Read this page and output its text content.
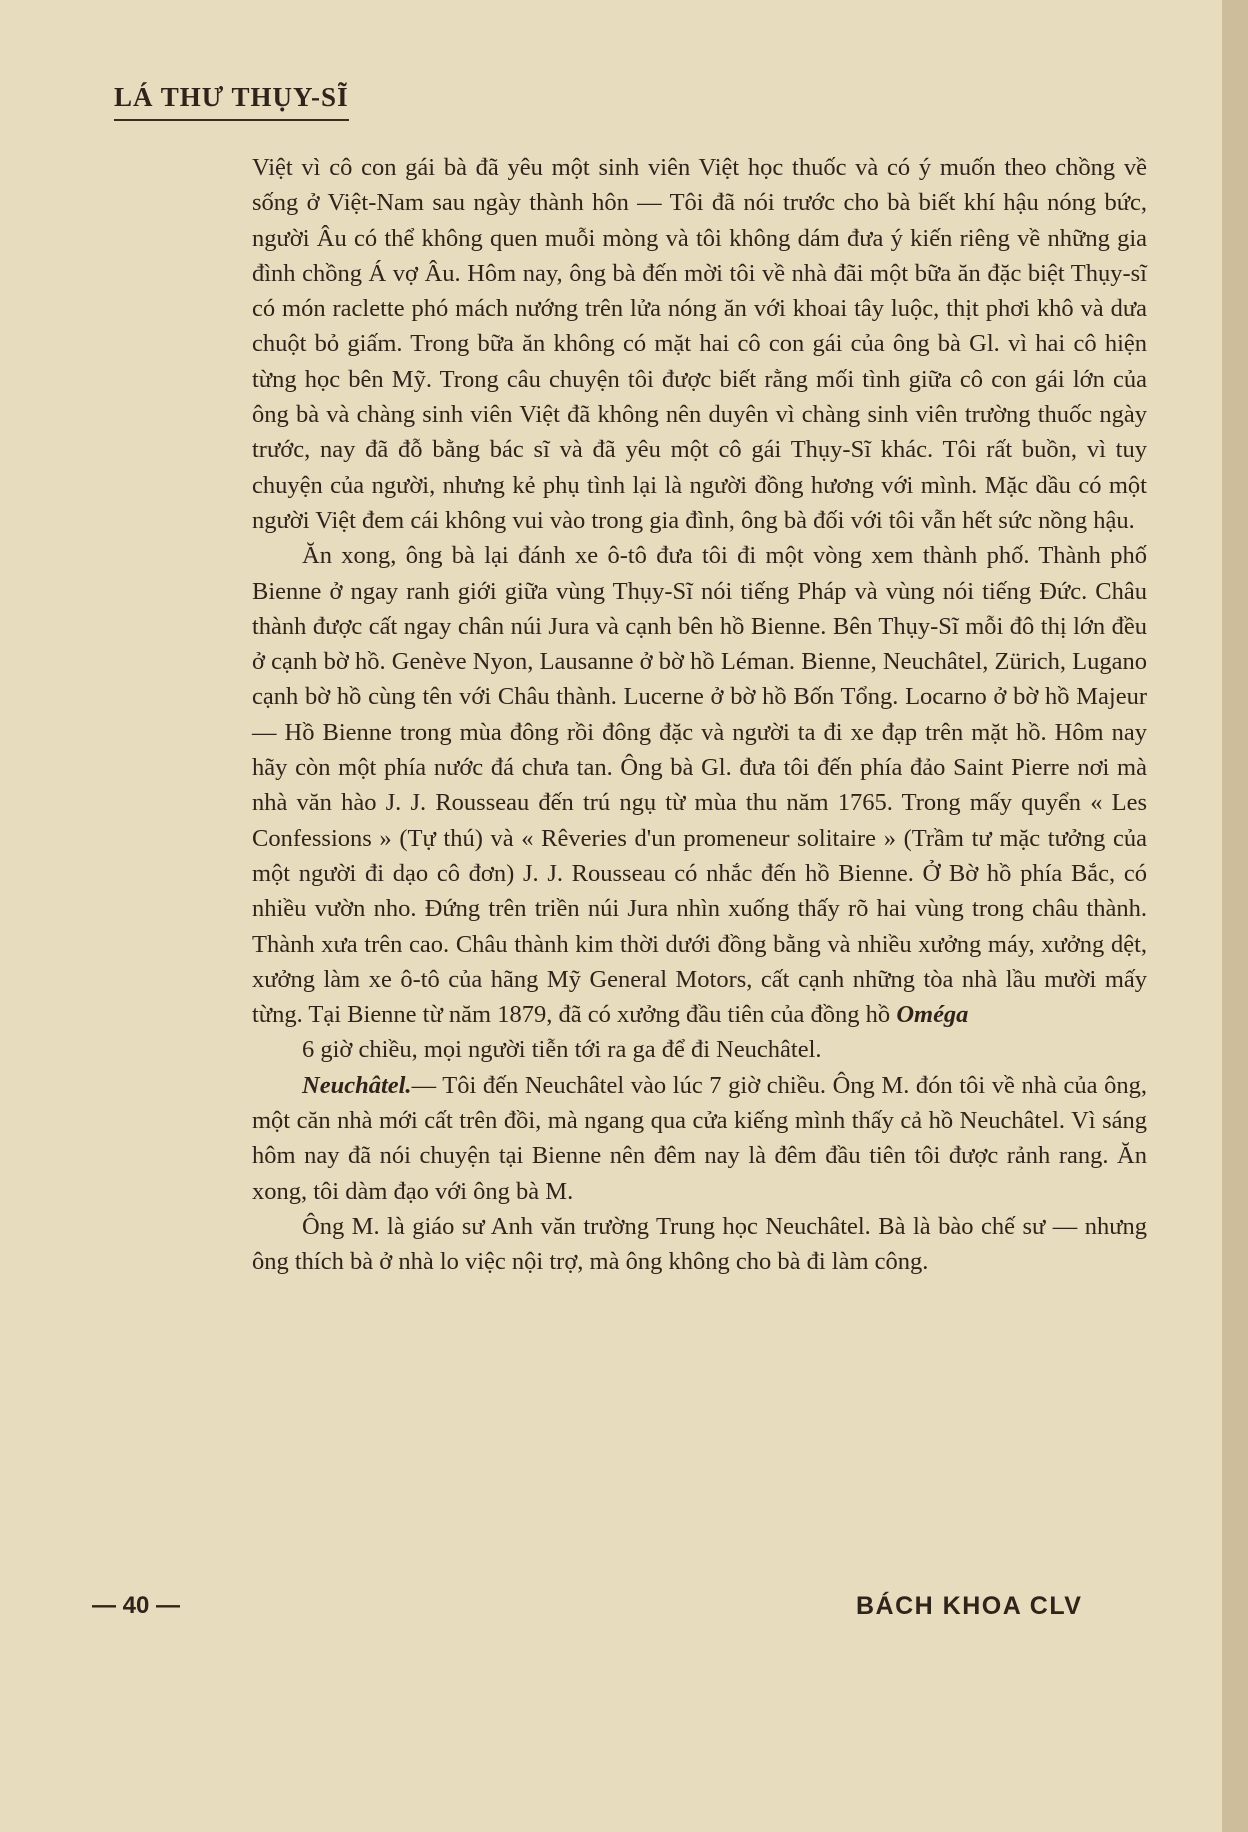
LÁ THƯ THỤY-SĨ

Việt vì cô con gái bà đã yêu một sinh viên Việt học thuốc và có ý muốn theo chồng về sống ở Việt-Nam sau ngày thành hôn — Tôi đã nói trước cho bà biết khí hậu nóng bức, người Âu có thể không quen muỗi mòng và tôi không dám đưa ý kiến riêng về những gia đình chồng Á vợ Âu. Hôm nay, ông bà đến mời tôi về nhà đãi một bữa ăn đặc biệt Thụy-sĩ có món raclette phó mách nướng trên lửa nóng ăn với khoai tây luộc, thịt phơi khô và dưa chuột bỏ giấm. Trong bữa ăn không có mặt hai cô con gái của ông bà Gl. vì hai cô hiện từng học bên Mỹ. Trong câu chuyện tôi được biết rằng mối tình giữa cô con gái lớn của ông bà và chàng sinh viên Việt đã không nên duyên vì chàng sinh viên trường thuốc ngày trước, nay đã đỗ bằng bác sĩ và đã yêu một cô gái Thụy-Sĩ khác. Tôi rất buồn, vì tuy chuyện của người, nhưng kẻ phụ tình lại là người đồng hương với mình. Mặc dầu có một người Việt đem cái không vui vào trong gia đình, ông bà đối với tôi vẫn hết sức nồng hậu.

Ăn xong, ông bà lại đánh xe ô-tô đưa tôi đi một vòng xem thành phố. Thành phố Bienne ở ngay ranh giới giữa vùng Thụy-Sĩ nói tiếng Pháp và vùng nói tiếng Đức. Châu thành được cất ngay chân núi Jura và cạnh bên hồ Bienne. Bên Thụy-Sĩ mỗi đô thị lớn đều ở cạnh bờ hồ. Genève Nyon, Lausanne ở bờ hồ Léman. Bienne, Neuchâtel, Zürich, Lugano cạnh bờ hồ cùng tên với Châu thành. Lucerne ở bờ hồ Bốn Tổng. Locarno ở bờ hồ Majeur — Hồ Bienne trong mùa đông rồi đông đặc và người ta đi xe đạp trên mặt hồ. Hôm nay hãy còn một phía nước đá chưa tan. Ông bà Gl. đưa tôi đến phía đảo Saint Pierre nơi mà nhà văn hào J. J. Rousseau đến trú ngụ từ mùa thu năm 1765. Trong mấy quyển « Les Confessions » (Tự thú) và « Rêveries d'un promeneur solitaire » (Trầm tư mặc tưởng của một người đi dạo cô đơn) J. J. Rousseau có nhắc đến hồ Bienne. Ở Bờ hồ phía Bắc, có nhiều vườn nho. Đứng trên triền núi Jura nhìn xuống thấy rõ hai vùng trong châu thành. Thành xưa trên cao. Châu thành kim thời dưới đồng bằng và nhiều xưởng máy, xưởng dệt, xưởng làm xe ô-tô của hãng Mỹ General Motors, cất cạnh những tòa nhà lầu mười mấy từng. Tại Bienne từ năm 1879, đã có xưởng đầu tiên của đồng hồ Oméga

6 giờ chiều, mọi người tiễn tới ra ga để đi Neuchâtel.

Neuchâtel.— Tôi đến Neuchâtel vào lúc 7 giờ chiều. Ông M. đón tôi về nhà của ông, một căn nhà mới cất trên đồi, mà ngang qua cửa kiếng mình thấy cả hồ Neuchâtel. Vì sáng hôm nay đã nói chuyện tại Bienne nên đêm nay là đêm đầu tiên tôi được rảnh rang. Ăn xong, tôi dàm đạo với ông bà M.

Ông M. là giáo sư Anh văn trường Trung học Neuchâtel. Bà là bào chế sư — nhưng ông thích bà ở nhà lo việc nội trợ, mà ông không cho bà đi làm công.

— 40 —	BÁCH KHOA CLV
